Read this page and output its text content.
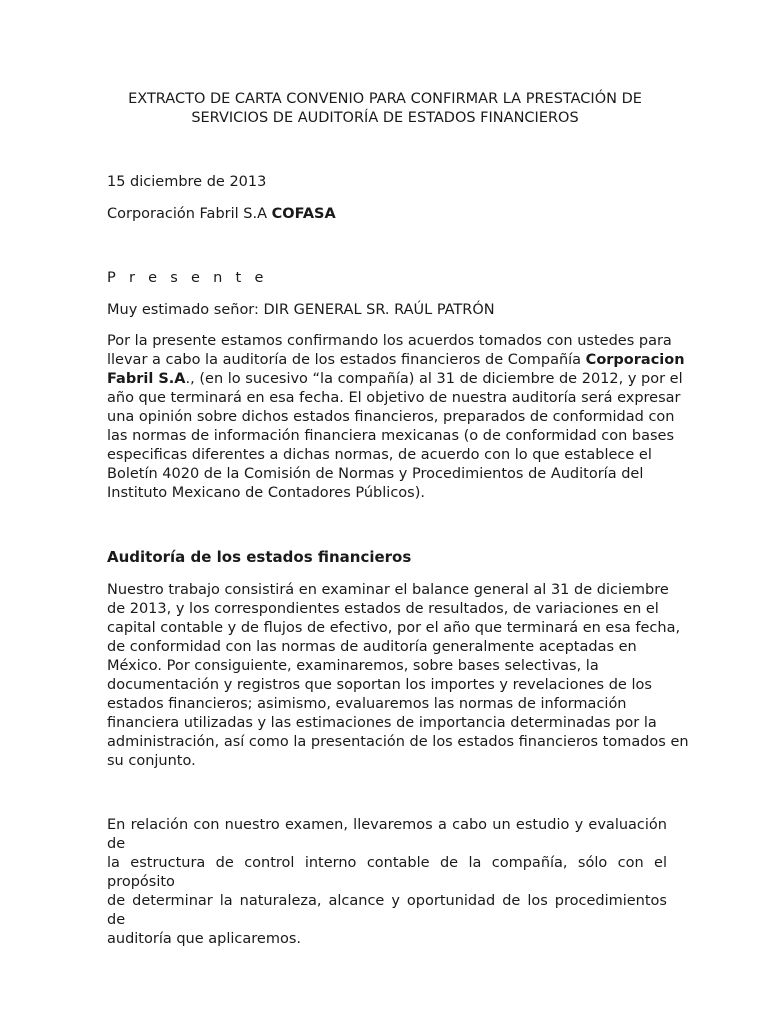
EXTRACTO DE CARTA CONVENIO PARA CONFIRMAR LA PRESTACIÓN DE
SERVICIOS DE AUDITORÍA DE ESTADOS FINANCIEROS

15 diciembre de 2013

Corporación Fabril S.A COFASA

P r e s e n t e

Muy estimado señor: DIR GENERAL SR. RAÚL PATRÓN

Por la presente estamos confirmando los acuerdos tomados con ustedes para
llevar a cabo la auditoría de los estados financieros de Compañía Corporacion
Fabril S.A., (en lo sucesivo “la compañía) al 31 de diciembre de 2012, y por el
año que terminará en esa fecha. El objetivo de nuestra auditoría será expresar
una opinión sobre dichos estados financieros, preparados de conformidad con
las normas de información financiera mexicanas (o de conformidad con bases
especificas diferentes a dichas normas, de acuerdo con lo que establece el
Boletín 4020 de la Comisión de Normas y Procedimientos de Auditoría del
Instituto Mexicano de Contadores Públicos).
Auditoría de los estados financieros
Nuestro trabajo consistirá en examinar el balance general al 31 de diciembre
de 2013, y los correspondientes estados de resultados, de variaciones en el
capital contable y de flujos de efectivo, por el año que terminará en esa fecha,
de conformidad con las normas de auditoría generalmente aceptadas en
México. Por consiguiente, examinaremos, sobre bases selectivas, la
documentación y registros que soportan los importes y revelaciones de los
estados financieros; asimismo, evaluaremos las normas de información
financiera utilizadas y las estimaciones de importancia determinadas por la
administración, así como la presentación de los estados financieros tomados en
su conjunto.
En relación con nuestro examen, llevaremos a cabo un estudio y evaluación de
la estructura de control interno contable de la compañía, sólo con el propósito
de determinar la naturaleza, alcance y oportunidad de los procedimientos de
auditoría que aplicaremos.
